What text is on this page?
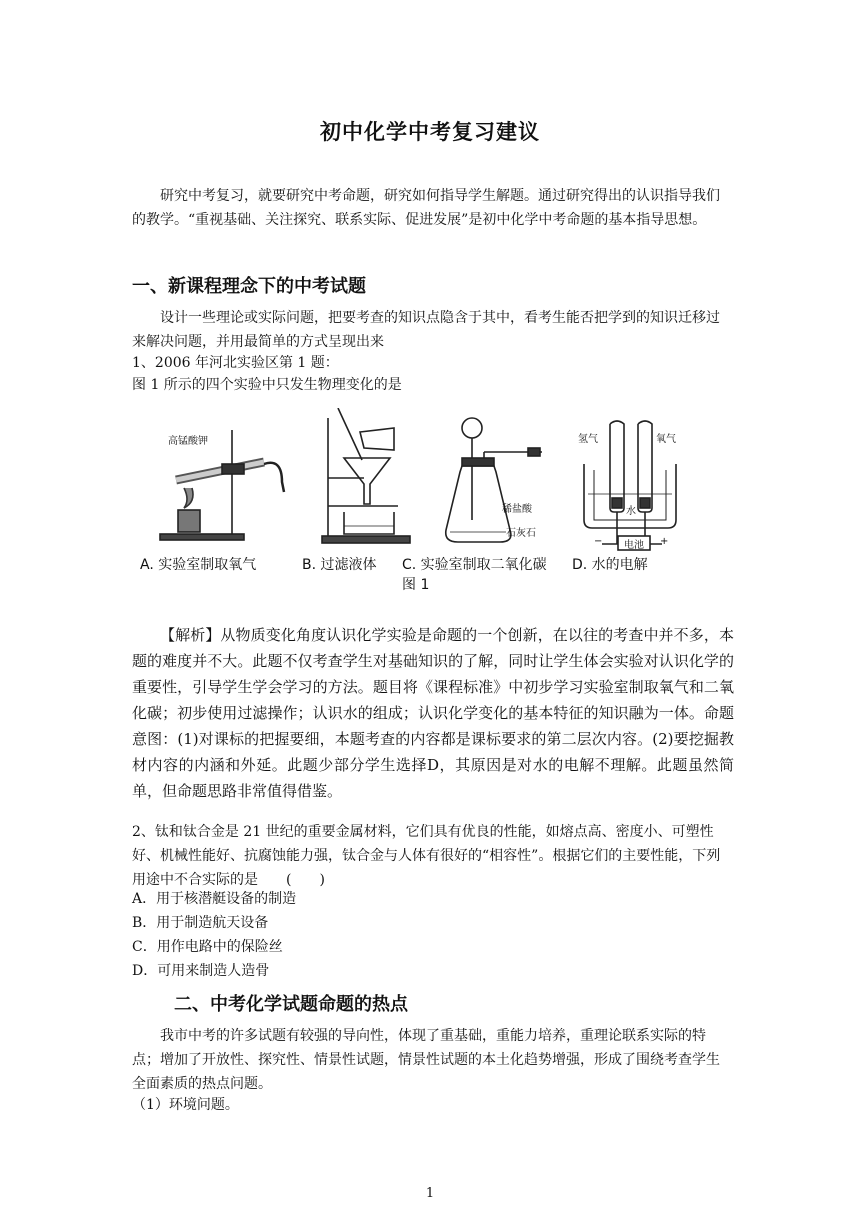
初中化学中考复习建议
研究中考复习，就要研究中考命题，研究如何指导学生解题。通过研究得出的认识指导我们的教学。“重视基础、关注探究、联系实际、促进发展”是初中化学中考命题的基本指导思想。
一、新课程理念下的中考试题
设计一些理论或实际问题，把要考查的知识点隐含于其中，看考生能否把学到的知识迁移过来解决问题，并用最简单的方式呈现出来
1、2006 年河北实验区第 1 题：
图 1 所示的四个实验中只发生物理变化的是
高锰酸钾
稀盐酸
石灰石
氢气	氧气
水
电池
−	+
A. 实验室制取氧气	B. 过滤液体 C. 实验室制取二氧化碳 D. 水的电解
图 1
【解析】从物质变化角度认识化学实验是命题的一个创新，在以往的考查中并不多，本题的难度并不大。此题不仅考查学生对基础知识的了解，同时让学生体会实验对认识化学的重要性，引导学生学会学习的方法。题目将《课程标准》中初步学习实验室制取氧气和二氧化碳；初步使用过滤操作；认识水的组成；认识化学变化的基本特征的知识融为一体。命题意图：(1)对课标的把握要细，本题考查的内容都是课标要求的第二层次内容。(2)要挖掘教材内容的内涵和外延。此题少部分学生选择D，其原因是对水的电解不理解。此题虽然简单，但命题思路非常值得借鉴。
2、钛和钛合金是 21 世纪的重要金属材料，它们具有优良的性能，如熔点高、密度小、可塑性好、机械性能好、抗腐蚀能力强，钛合金与人体有很好的“相容性”。根据它们的主要性能，下列用途中不合实际的是　　(　　)
A．用于核潜艇设备的制造
B．用于制造航天设备
C．用作电路中的保险丝
D．可用来制造人造骨
二、中考化学试题命题的热点
我市中考的许多试题有较强的导向性，体现了重基础，重能力培养，重理论联系实际的特点；增加了开放性、探究性、情景性试题，情景性试题的本土化趋势增强，形成了围绕考查学生全面素质的热点问题。
（1）环境问题。
1
